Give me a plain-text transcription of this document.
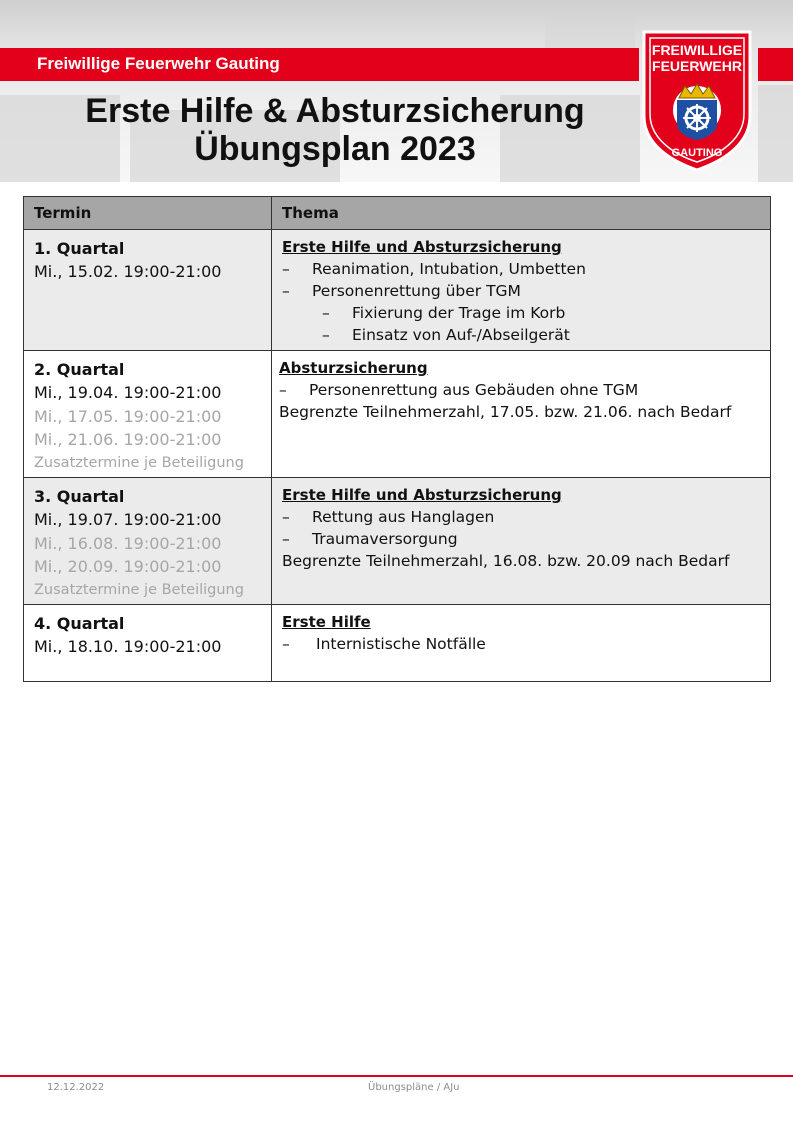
Freiwillige Feuerwehr Gauting
Erste Hilfe & Absturzsicherung
Übungsplan 2023
FREIWILLIGE
FEUERWEHR
GAUTING
Termin	Thema

1. Quartal
Mi., 15.02. 19:00-21:00	Erste Hilfe und Absturzsicherung
– Reanimation, Intubation, Umbetten
– Personenrettung über TGM
– Fixierung der Trage im Korb
– Einsatz von Auf-/Abseilgerät

2. Quartal
Mi., 19.04. 19:00-21:00
Mi., 17.05. 19:00-21:00
Mi., 21.06. 19:00-21:00
Zusatztermine je Beteiligung	Absturzsicherung
– Personenrettung aus Gebäuden ohne TGM
Begrenzte Teilnehmerzahl, 17.05. bzw. 21.06. nach Bedarf

3. Quartal
Mi., 19.07. 19:00-21:00
Mi., 16.08. 19:00-21:00
Mi., 20.09. 19:00-21:00
Zusatztermine je Beteiligung	Erste Hilfe und Absturzsicherung
– Rettung aus Hanglagen
– Traumaversorgung
Begrenzte Teilnehmerzahl, 16.08. bzw. 20.09 nach Bedarf

4. Quartal
Mi., 18.10. 19:00-21:00	Erste Hilfe
– Internistische Notfälle
12.12.2022	Übungspläne / AJu
